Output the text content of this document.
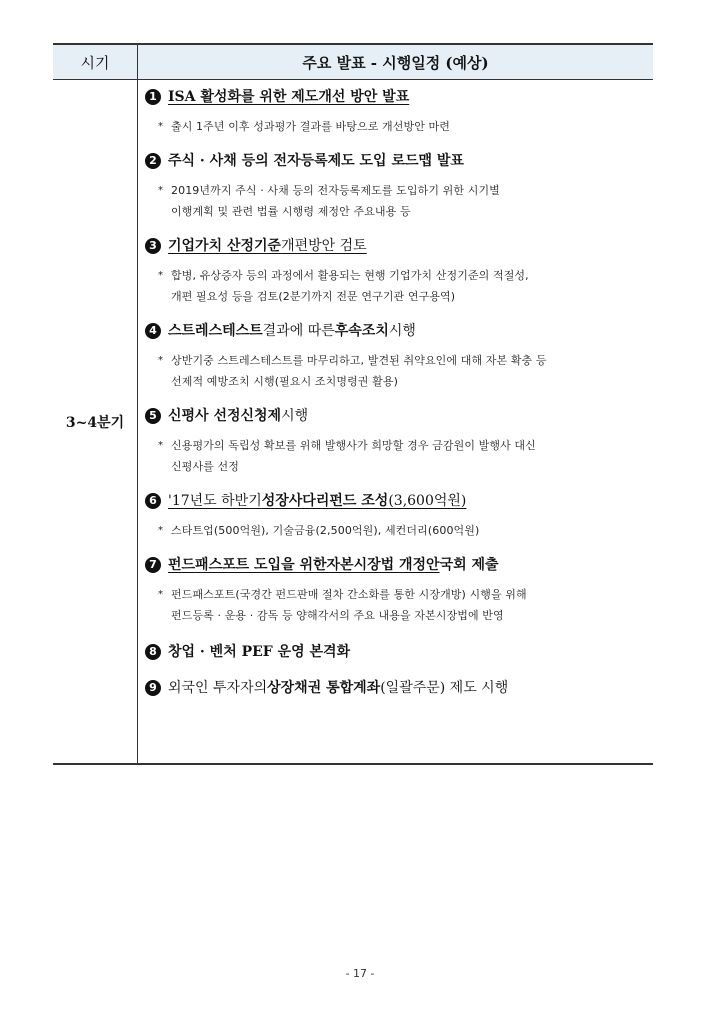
시기	주요 발표 - 시행일정 (예상)
3~4분기
1 ISA 활성화를 위한 제도개선 방안 발표
* 출시 1주년 이후 성과평가 결과를 바탕으로 개선방안 마련
2 주식 · 사채 등의 전자등록제도 도입 로드맵 발표
* 2019년까지 주식 · 사채 등의 전자등록제도를 도입하기 위한 시기별
이행계획 및 관련 법률 시행령 제정안 주요내용 등
3 기업가치 산정기준 개편방안 검토
* 합병, 유상증자 등의 과정에서 활용되는 현행 기업가치 산정기준의 적절성,
개편 필요성 등을 검토(2분기까지 전문 연구기관 연구용역)
4 스트레스테스트 결과에 따른 후속조치 시행
* 상반기중 스트레스테스트를 마무리하고, 발견된 취약요인에 대해 자본 확충 등
선제적 예방조치 시행(필요시 조치명령권 활용)
5 신평사 선정신청제 시행
* 신용평가의 독립성 확보를 위해 발행사가 희망할 경우 금감원이 발행사 대신
신평사를 선정
6 '17년도 하반기 성장사다리펀드 조성 (3,600억원)
* 스타트업(500억원), 기술금융(2,500억원), 세컨더리(600억원)
7 펀드패스포트 도입을 위한 자본시장법 개정안 국회 제출
* 펀드패스포트(국경간 펀드판매 절차 간소화를 통한 시장개방) 시행을 위해
펀드등록 · 운용 · 감독 등 양해각서의 주요 내용을 자본시장법에 반영
8 창업 · 벤처 PEF 운영 본격화
9 외국인 투자자의 상장채권 통합계좌 (일괄주문) 제도 시행
- 17 -
